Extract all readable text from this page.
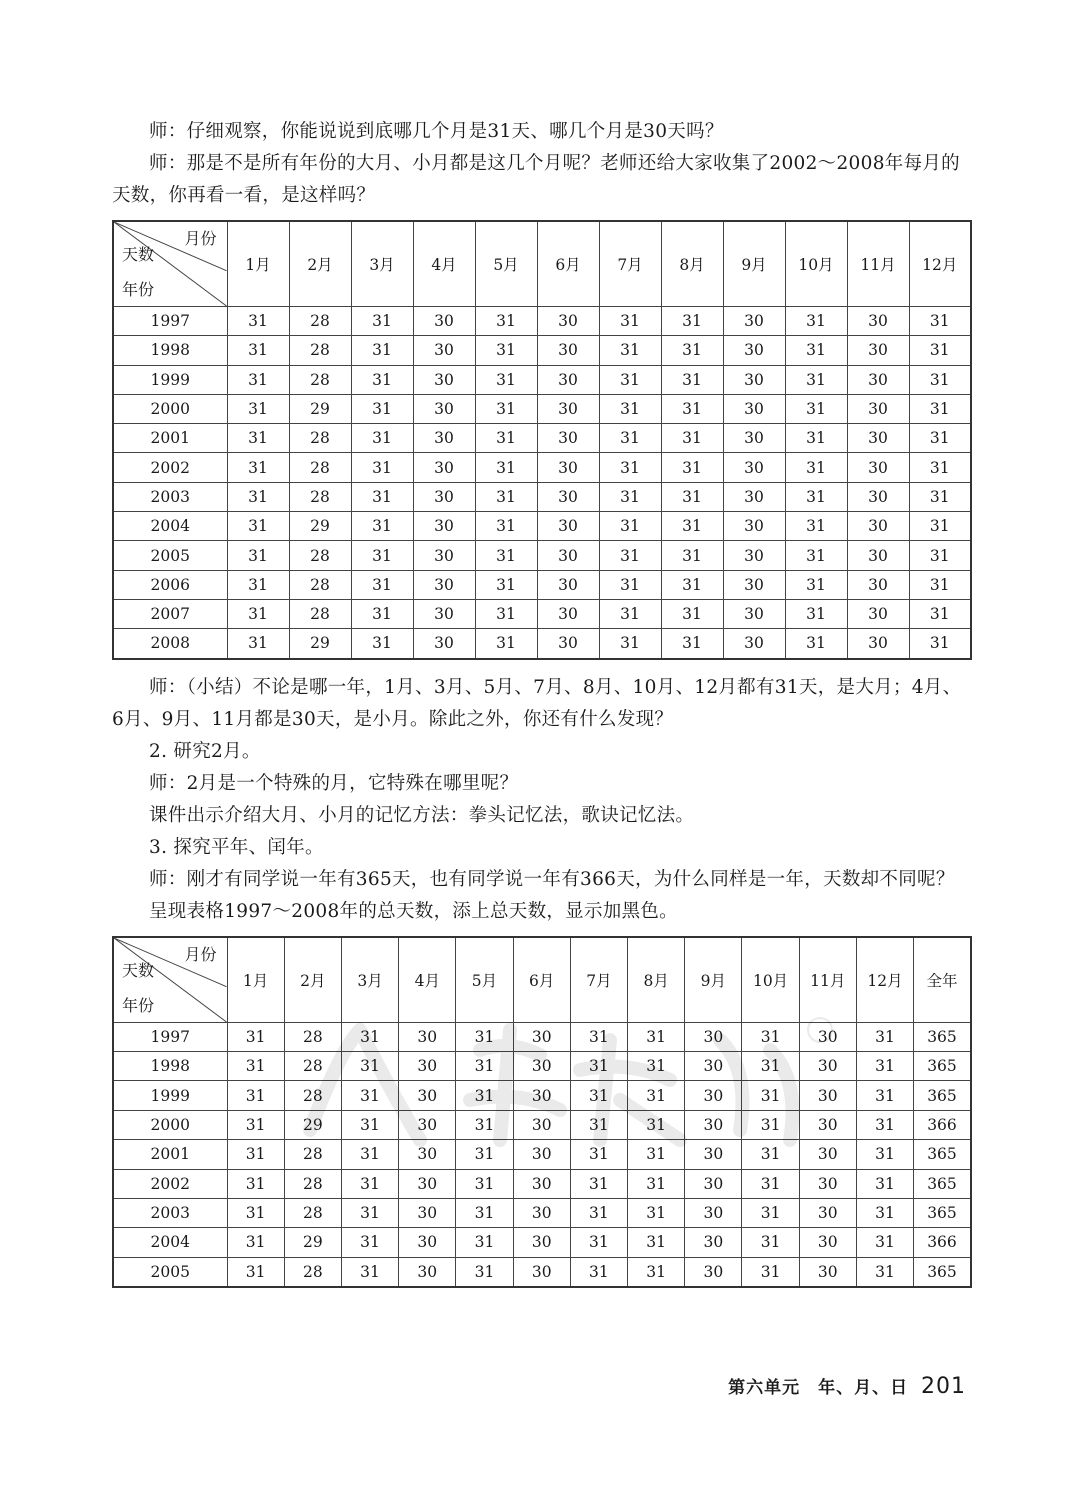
师：仔细观察，你能说说到底哪几个月是31天、哪几个月是30天吗？

师：那是不是所有年份的大月、小月都是这几个月呢？老师还给大家收集了2002～2008年每月的天数，你再看一看，是这样吗？

月份
天数
年份	1月	2月	3月	4月	5月	6月	7月	8月	9月	10月	11月	12月
1997	31	28	31	30	31	30	31	31	30	31	30	31
1998	31	28	31	30	31	30	31	31	30	31	30	31
1999	31	28	31	30	31	30	31	31	30	31	30	31
2000	31	29	31	30	31	30	31	31	30	31	30	31
2001	31	28	31	30	31	30	31	31	30	31	30	31
2002	31	28	31	30	31	30	31	31	30	31	30	31
2003	31	28	31	30	31	30	31	31	30	31	30	31
2004	31	29	31	30	31	30	31	31	30	31	30	31
2005	31	28	31	30	31	30	31	31	30	31	30	31
2006	31	28	31	30	31	30	31	31	30	31	30	31
2007	31	28	31	30	31	30	31	31	30	31	30	31
2008	31	29	31	30	31	30	31	31	30	31	30	31

师：（小结）不论是哪一年，1月、3月、5月、7月、8月、10月、12月都有31天，是大月；4月、6月、9月、11月都是30天，是小月。除此之外，你还有什么发现？

2. 研究2月。

师：2月是一个特殊的月，它特殊在哪里呢？

课件出示介绍大月、小月的记忆方法：拳头记忆法，歌诀记忆法。

3. 探究平年、闰年。

师：刚才有同学说一年有365天，也有同学说一年有366天，为什么同样是一年，天数却不同呢？

呈现表格1997～2008年的总天数，添上总天数，显示加黑色。

月份
天数
年份	1月	2月	3月	4月	5月	6月	7月	8月	9月	10月	11月	12月	全年
1997	31	28	31	30	31	30	31	31	30	31	30	31	365
1998	31	28	31	30	31	30	31	31	30	31	30	31	365
1999	31	28	31	30	31	30	31	31	30	31	30	31	365
2000	31	29	31	30	31	30	31	31	30	31	30	31	366
2001	31	28	31	30	31	30	31	31	30	31	30	31	365
2002	31	28	31	30	31	30	31	31	30	31	30	31	365
2003	31	28	31	30	31	30	31	31	30	31	30	31	365
2004	31	29	31	30	31	30	31	31	30	31	30	31	366
2005	31	28	31	30	31	30	31	31	30	31	30	31	365
第六单元　年、月、日 201
